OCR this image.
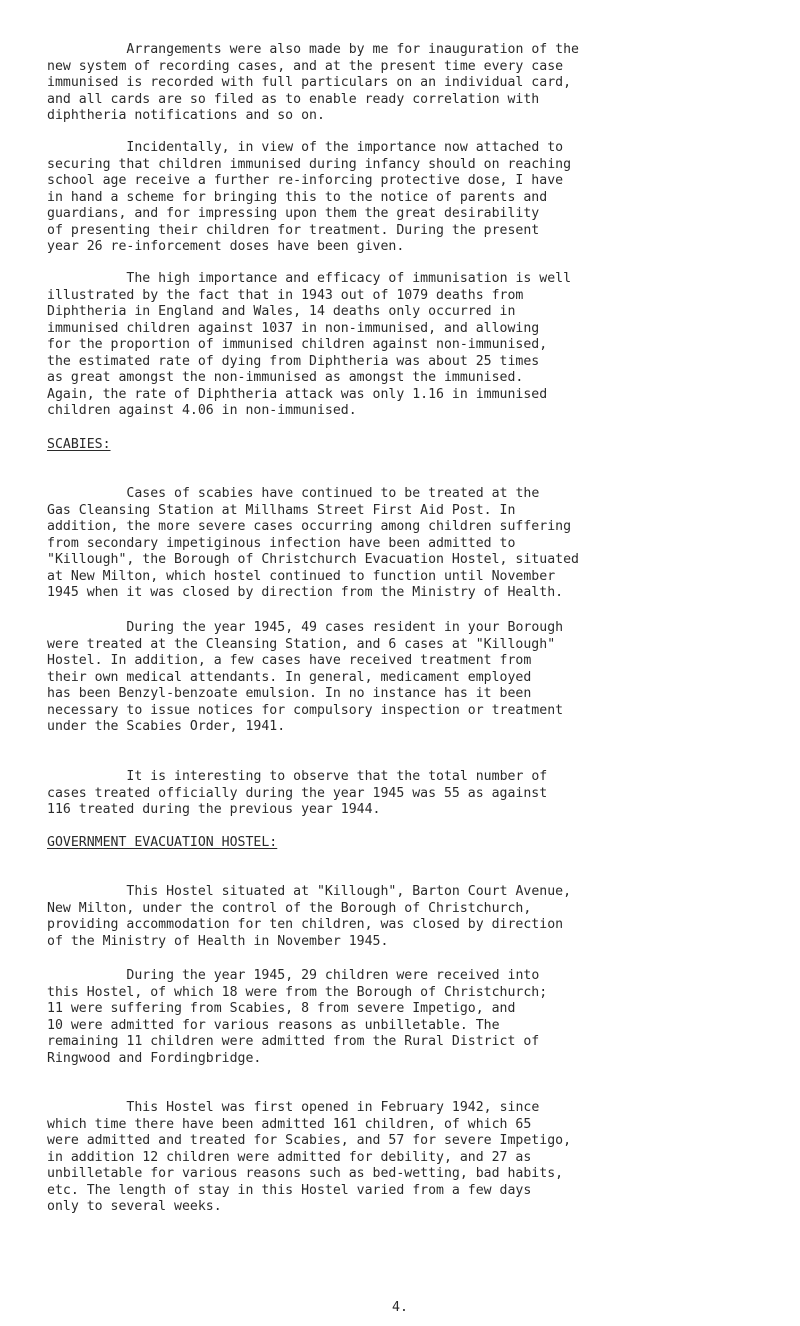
Arrangements were also made by me for inauguration of the
new system of recording cases, and at the present time every case
immunised is recorded with full particulars on an individual card,
and all cards are so filed as to enable ready correlation with
diphtheria notifications and so on.

Incidentally, in view of the importance now attached to
securing that children immunised during infancy should on reaching
school age receive a further re-inforcing protective dose, I have
in hand a scheme for bringing this to the notice of parents and
guardians, and for impressing upon them the great desirability
of presenting their children for treatment. During the present
year 26 re-inforcement doses have been given.

The high importance and efficacy of immunisation is well
illustrated by the fact that in 1943 out of 1079 deaths from
Diphtheria in England and Wales, 14 deaths only occurred in
immunised children against 1037 in non-immunised, and allowing
for the proportion of immunised children against non-immunised,
the estimated rate of dying from Diphtheria was about 25 times
as great amongst the non-immunised as amongst the immunised.
Again, the rate of Diphtheria attack was only 1.16 in immunised
children against 4.06 in non-immunised.

SCABIES:

Cases of scabies have continued to be treated at the
Gas Cleansing Station at Millhams Street First Aid Post. In
addition, the more severe cases occurring among children suffering
from secondary impetiginous infection have been admitted to
"Killough", the Borough of Christchurch Evacuation Hostel, situated
at New Milton, which hostel continued to function until November
1945 when it was closed by direction from the Ministry of Health.

During the year 1945, 49 cases resident in your Borough
were treated at the Cleansing Station, and 6 cases at "Killough"
Hostel. In addition, a few cases have received treatment from
their own medical attendants. In general, medicament employed
has been Benzyl-benzoate emulsion. In no instance has it been
necessary to issue notices for compulsory inspection or treatment
under the Scabies Order, 1941.

It is interesting to observe that the total number of
cases treated officially during the year 1945 was 55 as against
116 treated during the previous year 1944.

GOVERNMENT EVACUATION HOSTEL:

This Hostel situated at "Killough", Barton Court Avenue,
New Milton, under the control of the Borough of Christchurch,
providing accommodation for ten children, was closed by direction
of the Ministry of Health in November 1945.

During the year 1945, 29 children were received into
this Hostel, of which 18 were from the Borough of Christchurch;
11 were suffering from Scabies, 8 from severe Impetigo, and
10 were admitted for various reasons as unbilletable. The
remaining 11 children were admitted from the Rural District of
Ringwood and Fordingbridge.

This Hostel was first opened in February 1942, since
which time there have been admitted 161 children, of which 65
were admitted and treated for Scabies, and 57 for severe Impetigo,
in addition 12 children were admitted for debility, and 27 as
unbilletable for various reasons such as bed-wetting, bad habits,
etc. The length of stay in this Hostel varied from a few days
only to several weeks.

4.
